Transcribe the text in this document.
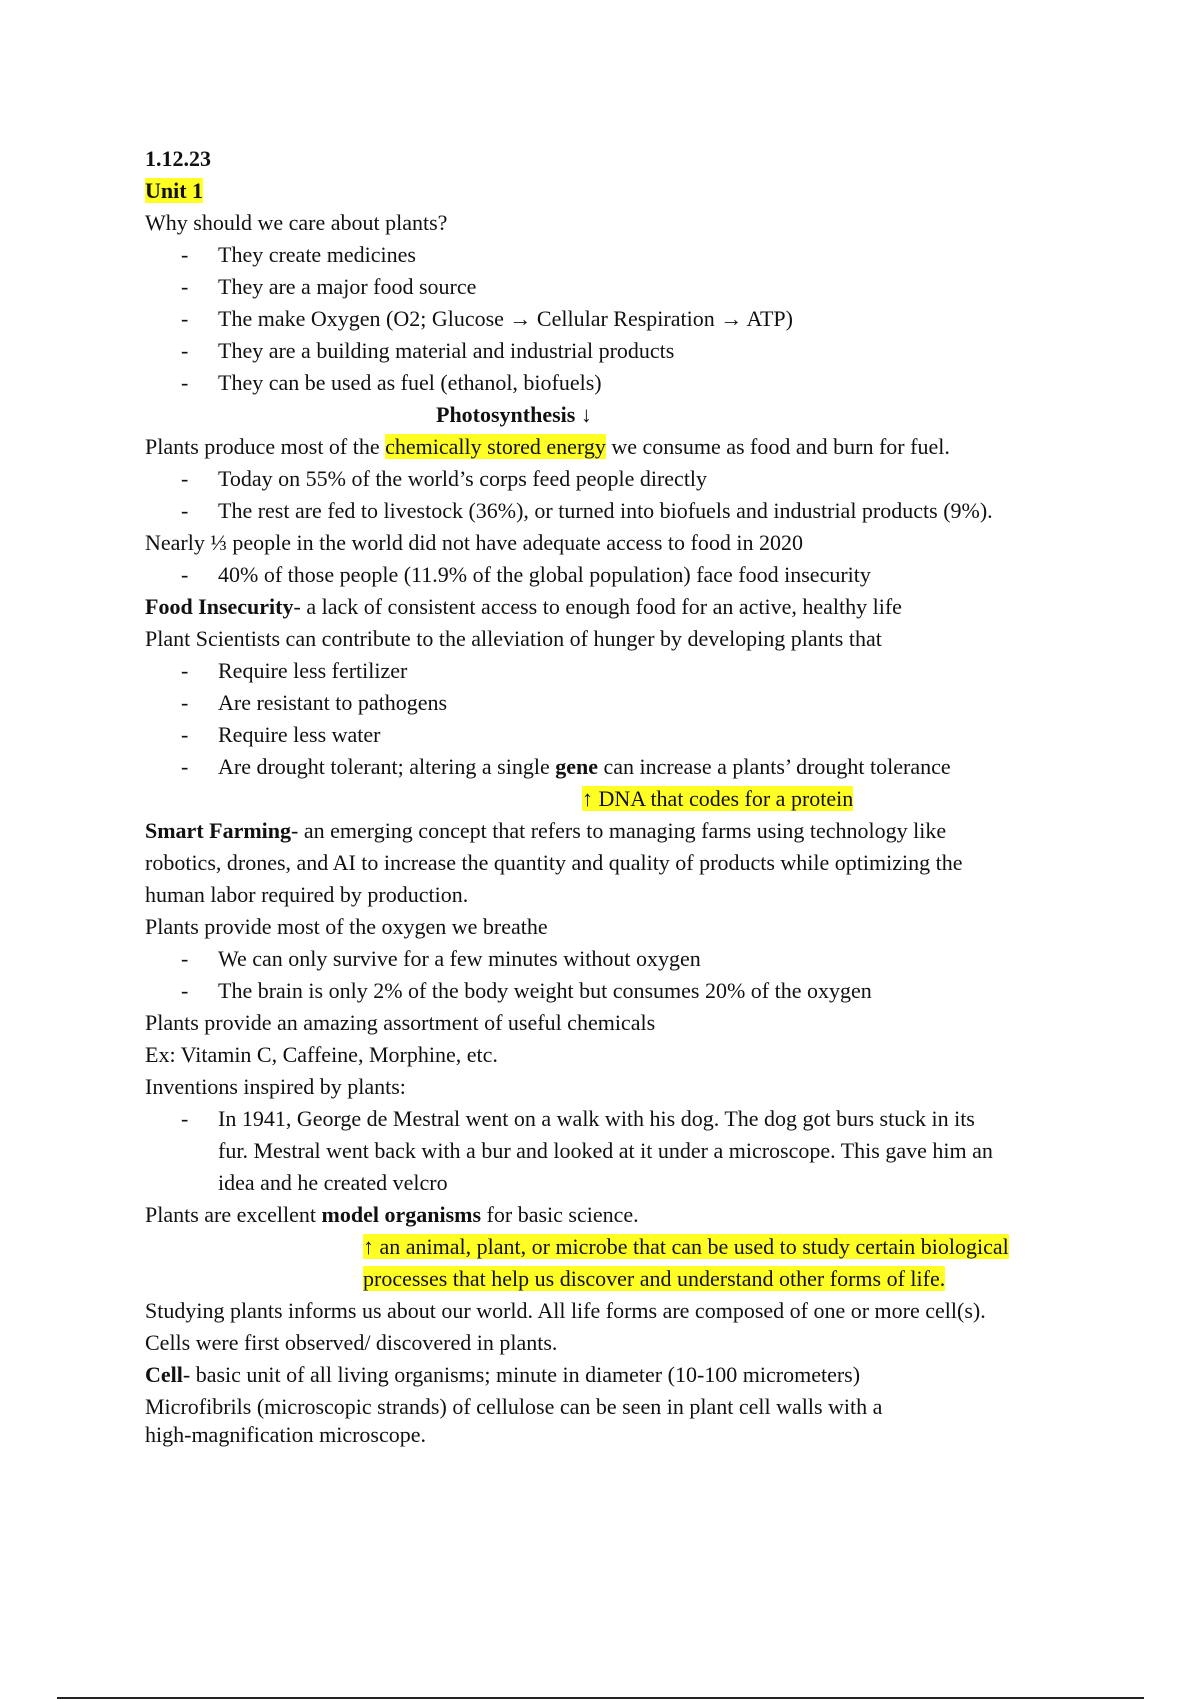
1.12.23
Unit 1
Why should we care about plants?
- They create medicines
- They are a major food source
- The make Oxygen (O2; Glucose → Cellular Respiration → ATP)
- They are a building material and industrial products
- They can be used as fuel (ethanol, biofuels)
Photosynthesis ↓
Plants produce most of the chemically stored energy we consume as food and burn for fuel.
- Today on 55% of the world’s corps feed people directly
- The rest are fed to livestock (36%), or turned into biofuels and industrial products (9%).
Nearly ⅓ people in the world did not have adequate access to food in 2020
- 40% of those people (11.9% of the global population) face food insecurity
Food Insecurity- a lack of consistent access to enough food for an active, healthy life
Plant Scientists can contribute to the alleviation of hunger by developing plants that
- Require less fertilizer
- Are resistant to pathogens
- Require less water
- Are drought tolerant; altering a single gene can increase a plants’ drought tolerance
↑ DNA that codes for a protein
Smart Farming- an emerging concept that refers to managing farms using technology like
robotics, drones, and AI to increase the quantity and quality of products while optimizing the
human labor required by production.
Plants provide most of the oxygen we breathe
- We can only survive for a few minutes without oxygen
- The brain is only 2% of the body weight but consumes 20% of the oxygen
Plants provide an amazing assortment of useful chemicals
Ex: Vitamin C, Caffeine, Morphine, etc.
Inventions inspired by plants:
- In 1941, George de Mestral went on a walk with his dog. The dog got burs stuck in its
fur. Mestral went back with a bur and looked at it under a microscope. This gave him an
idea and he created velcro
Plants are excellent model organisms for basic science.
↑ an animal, plant, or microbe that can be used to study certain biological
processes that help us discover and understand other forms of life.
Studying plants informs us about our world. All life forms are composed of one or more cell(s).
Cells were first observed/ discovered in plants.
Cell- basic unit of all living organisms; minute in diameter (10-100 micrometers)
Microfibrils (microscopic strands) of cellulose can be seen in plant cell walls with a
high-magnification microscope.
